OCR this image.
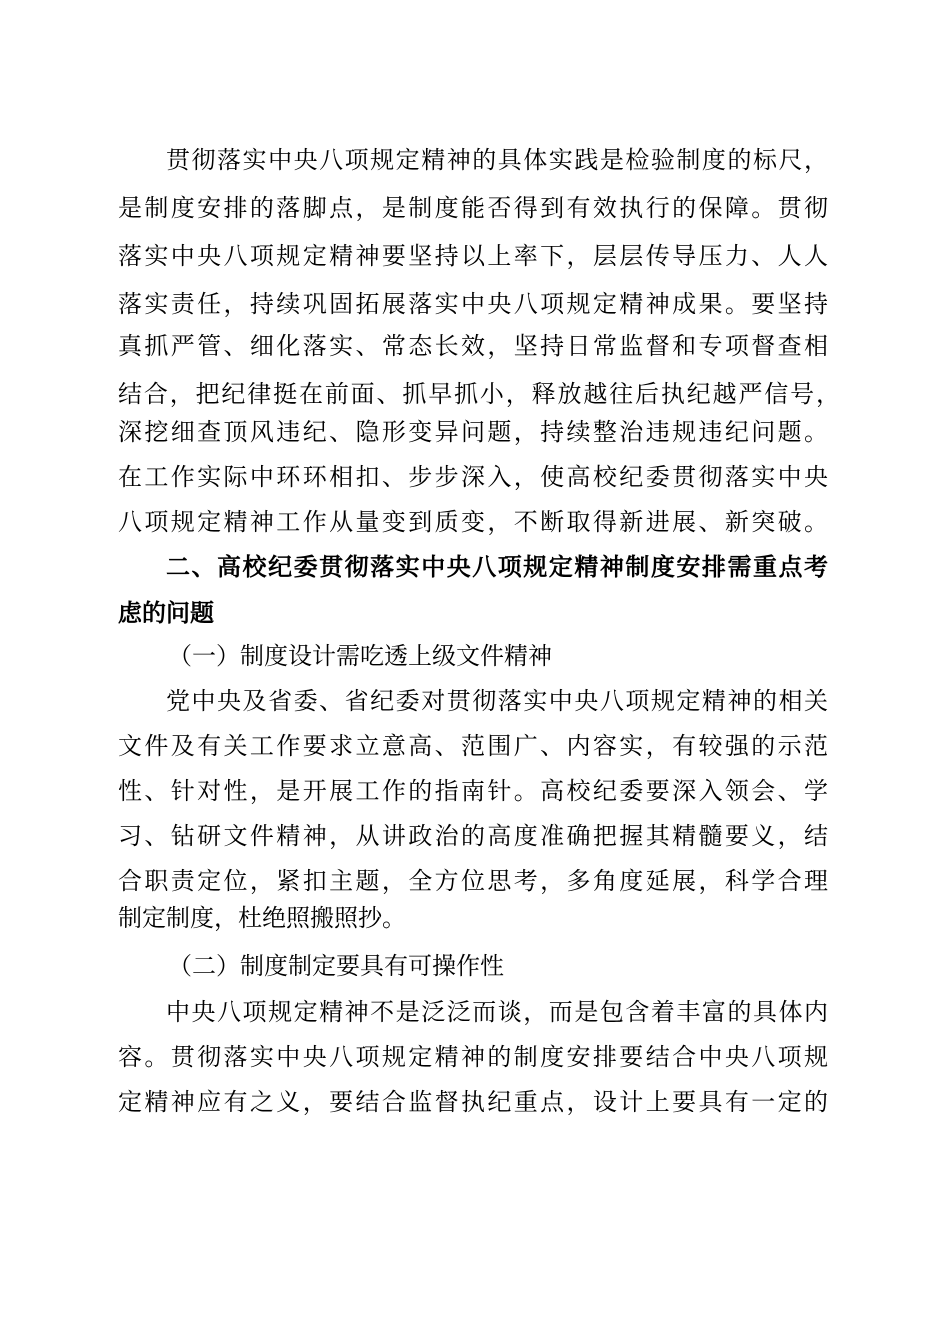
贯彻落实中央八项规定精神的具体实践是检验制度的标尺，

是制度安排的落脚点，是制度能否得到有效执行的保障。贯彻

落实中央八项规定精神要坚持以上率下，层层传导压力、人人

落实责任，持续巩固拓展落实中央八项规定精神成果。要坚持

真抓严管、细化落实、常态长效，坚持日常监督和专项督查相

结合，把纪律挺在前面、抓早抓小，释放越往后执纪越严信号，

深挖细查顶风违纪、隐形变异问题，持续整治违规违纪问题。

在工作实际中环环相扣、步步深入，使高校纪委贯彻落实中央

八项规定精神工作从量变到质变，不断取得新进展、新突破。

二、高校纪委贯彻落实中央八项规定精神制度安排需重点考

虑的问题

（一）制度设计需吃透上级文件精神

党中央及省委、省纪委对贯彻落实中央八项规定精神的相关

文件及有关工作要求立意高、范围广、内容实，有较强的示范

性、针对性，是开展工作的指南针。高校纪委要深入领会、学

习、钻研文件精神，从讲政治的高度准确把握其精髓要义，结

合职责定位，紧扣主题，全方位思考，多角度延展，科学合理

制定制度，杜绝照搬照抄。

（二）制度制定要具有可操作性

中央八项规定精神不是泛泛而谈，而是包含着丰富的具体内

容。贯彻落实中央八项规定精神的制度安排要结合中央八项规

定精神应有之义，要结合监督执纪重点，设计上要具有一定的
